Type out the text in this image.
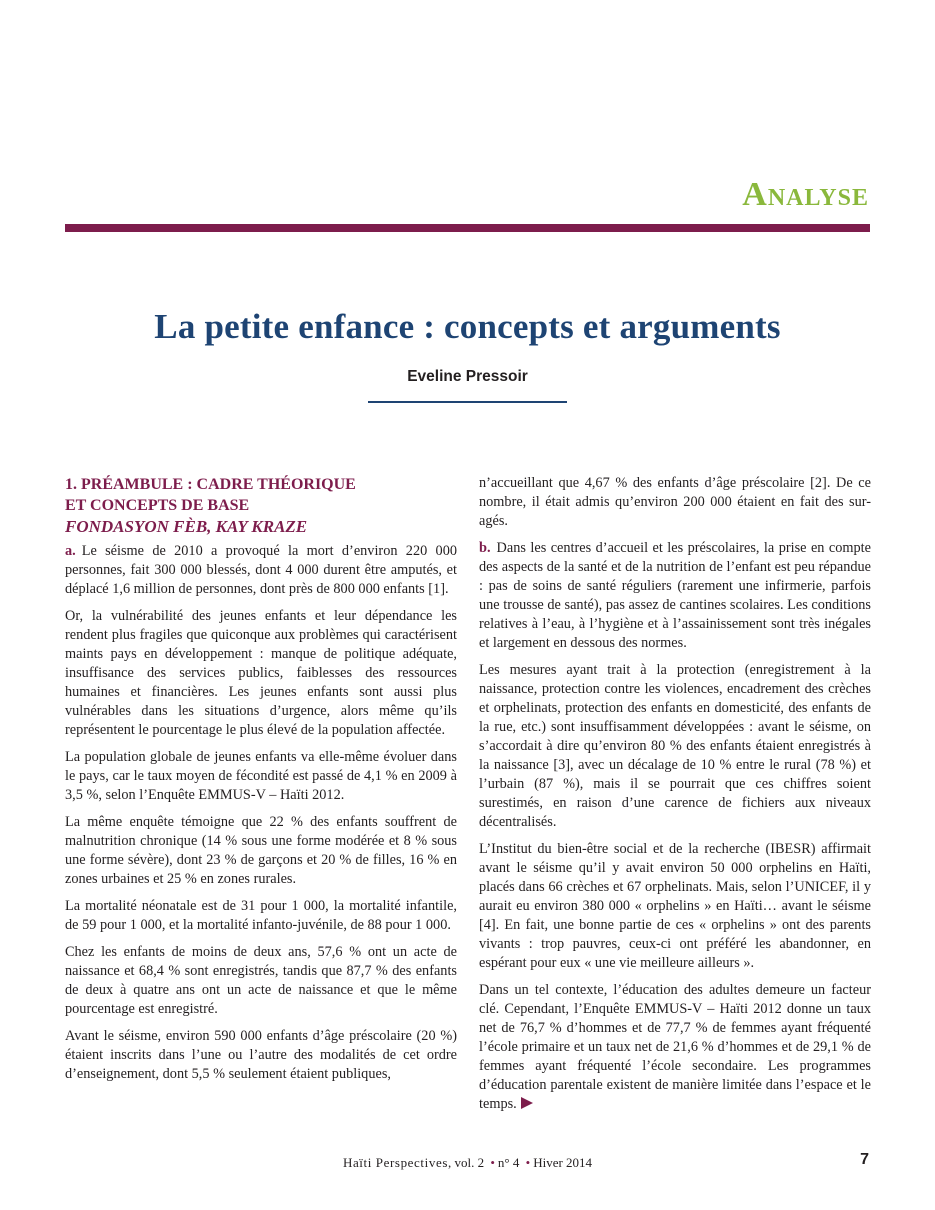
Analyse
La petite enfance : concepts et arguments

Eveline Pressoir

1. PRÉAMBULE : CADRE THÉORIQUE
ET CONCEPTS DE BASE
FONDASYON FÈB, KAY KRAZE

a. Le séisme de 2010 a provoqué la mort d’environ 220 000 personnes, fait 300 000 blessés, dont 4 000 durent être amputés, et déplacé 1,6 million de personnes, dont près de 800 000 enfants [1].

Or, la vulnérabilité des jeunes enfants et leur dépendance les rendent plus fragiles que quiconque aux problèmes qui caractérisent maints pays en développement : manque de politique adéquate, insuffisance des services publics, faiblesses des ressources humaines et financières. Les jeunes enfants sont aussi plus vulnérables dans les situations d’urgence, alors même qu’ils représentent le pourcentage le plus élevé de la population affectée.

La population globale de jeunes enfants va elle-même évoluer dans le pays, car le taux moyen de fécondité est passé de 4,1 % en 2009 à 3,5 %, selon l’Enquête EMMUS-V – Haïti 2012.

La même enquête témoigne que 22 % des enfants souffrent de malnutrition chronique (14 % sous une forme modérée et 8 % sous une forme sévère), dont 23 % de garçons et 20 % de filles, 16 % en zones urbaines et 25 % en zones rurales.

La mortalité néonatale est de 31 pour 1 000, la mortalité infantile, de 59 pour 1 000, et la mortalité infanto-juvénile, de 88 pour 1 000.

Chez les enfants de moins de deux ans, 57,6 % ont un acte de naissance et 68,4 % sont enregistrés, tandis que 87,7 % des enfants de deux à quatre ans ont un acte de naissance et que le même pourcentage est enregistré.

Avant le séisme, environ 590 000 enfants d’âge préscolaire (20 %) étaient inscrits dans l’une ou l’autre des modalités de cet ordre d’enseignement, dont 5,5 % seulement étaient publiques,

n’accueillant que 4,67 % des enfants d’âge préscolaire [2]. De ce nombre, il était admis qu’environ 200 000 étaient en fait des sur-agés.

b. Dans les centres d’accueil et les préscolaires, la prise en compte des aspects de la santé et de la nutrition de l’enfant est peu répandue : pas de soins de santé réguliers (rarement une infirmerie, parfois une trousse de santé), pas assez de cantines scolaires. Les conditions relatives à l’eau, à l’hygiène et à l’assainissement sont très inégales et largement en dessous des normes.

Les mesures ayant trait à la protection (enregistrement à la naissance, protection contre les violences, encadrement des crèches et orphelinats, protection des enfants en domesticité, des enfants de la rue, etc.) sont insuffisamment développées : avant le séisme, on s’accordait à dire qu’environ 80 % des enfants étaient enregistrés à la naissance [3], avec un décalage de 10 % entre le rural (78 %) et l’urbain (87 %), mais il se pourrait que ces chiffres soient surestimés, en raison d’une carence de fichiers aux niveaux décentralisés.

L’Institut du bien-être social et de la recherche (IBESR) affirmait avant le séisme qu’il y avait environ 50 000 orphelins en Haïti, placés dans 66 crèches et 67 orphelinats. Mais, selon l’UNICEF, il y aurait eu environ 380 000 « orphelins » en Haïti… avant le séisme [4]. En fait, une bonne partie de ces « orphelins » ont des parents vivants : trop pauvres, ceux-ci ont préféré les abandonner, en espérant pour eux « une vie meilleure ailleurs ».

Dans un tel contexte, l’éducation des adultes demeure un facteur clé. Cependant, l’Enquête EMMUS-V – Haïti 2012 donne un taux net de 76,7 % d’hommes et de 77,7 % de femmes ayant fréquenté l’école primaire et un taux net de 21,6 % d’hommes et de 29,1 % de femmes ayant fréquenté l’école secondaire. Les programmes d’éducation parentale existent de manière limitée dans l’espace et le temps.

Haïti Perspectives, vol. 2 • n° 4 • Hiver 2014	7
